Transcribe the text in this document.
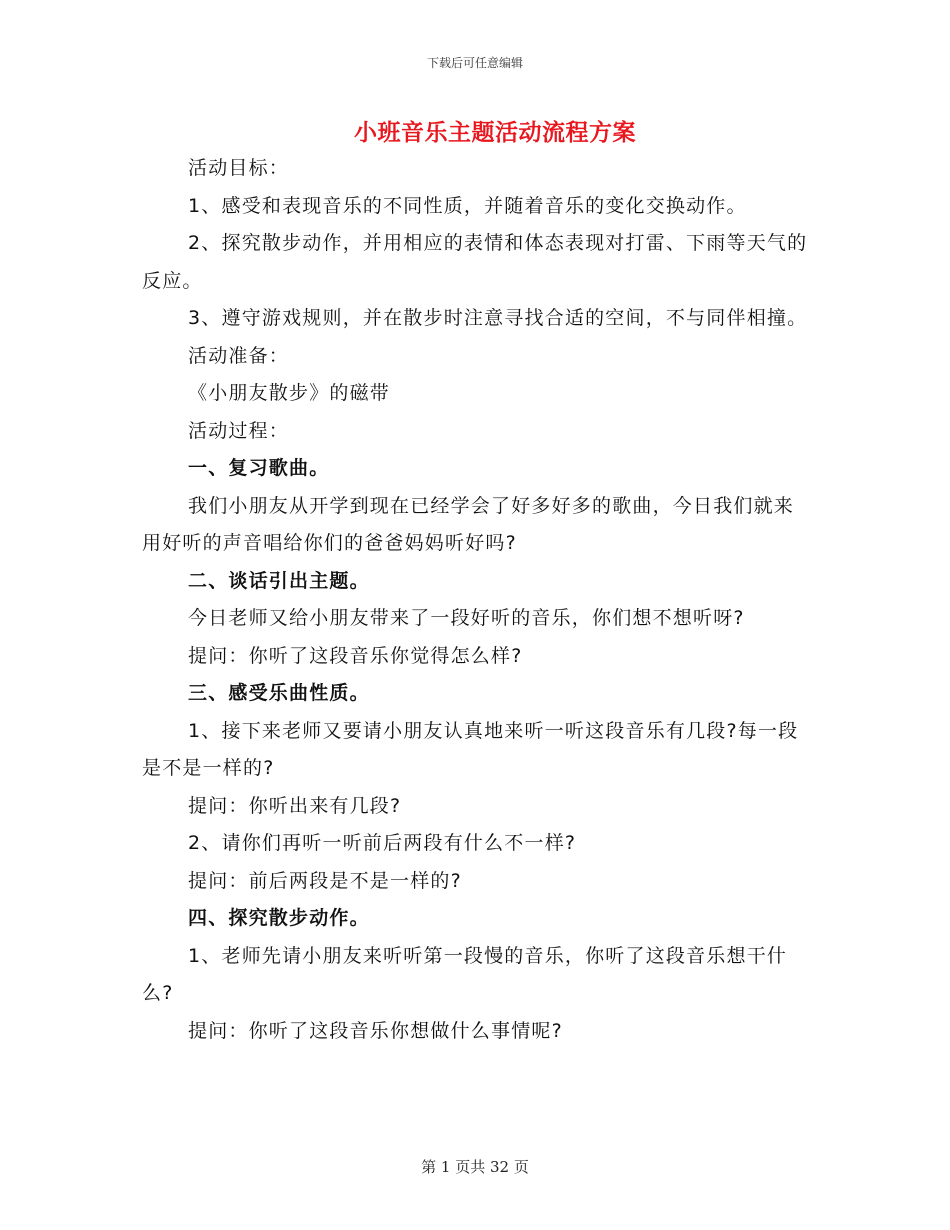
下载后可任意编辑
小班音乐主题活动流程方案

活动目标：

1、感受和表现音乐的不同性质，并随着音乐的变化交换动作。

2、探究散步动作，并用相应的表情和体态表现对打雷、下雨等天气的反应。

3、遵守游戏规则，并在散步时注意寻找合适的空间，不与同伴相撞。

活动准备：

《小朋友散步》的磁带

活动过程：

一、复习歌曲。

我们小朋友从开学到现在已经学会了好多好多的歌曲，今日我们就来用好听的声音唱给你们的爸爸妈妈听好吗?

二、谈话引出主题。

今日老师又给小朋友带来了一段好听的音乐，你们想不想听呀?

提问：你听了这段音乐你觉得怎么样?

三、感受乐曲性质。

1、接下来老师又要请小朋友认真地来听一听这段音乐有几段?每一段是不是一样的?

提问：你听出来有几段?

2、请你们再听一听前后两段有什么不一样?

提问：前后两段是不是一样的?

四、探究散步动作。

1、老师先请小朋友来听听第一段慢的音乐，你听了这段音乐想干什么?

提问：你听了这段音乐你想做什么事情呢?

第 1 页共 32 页
